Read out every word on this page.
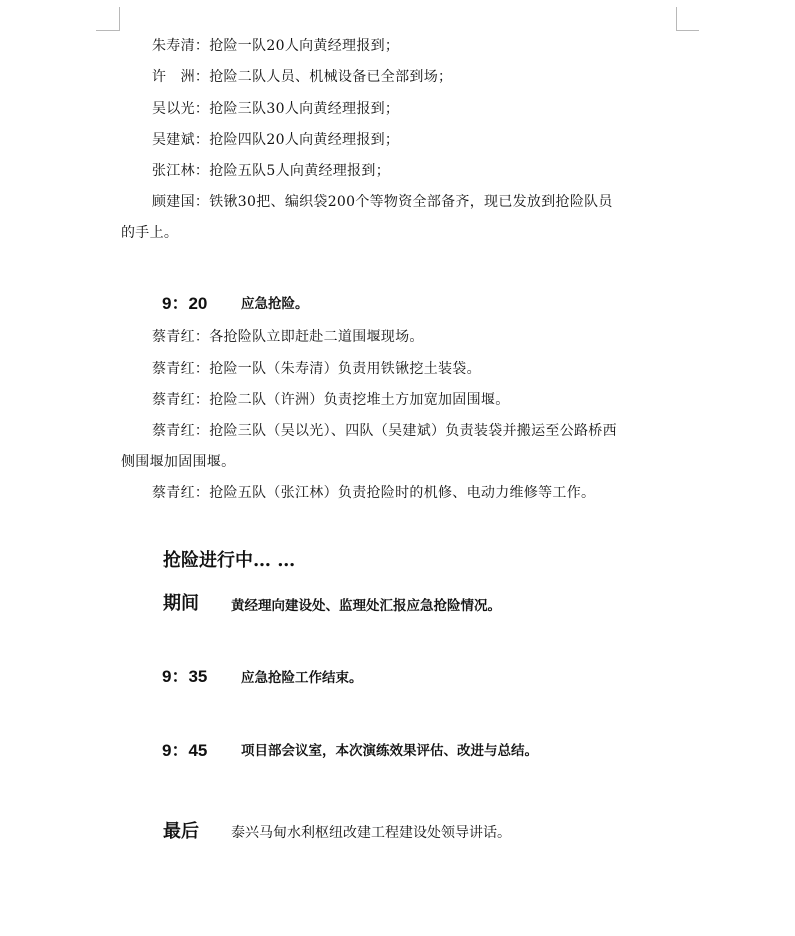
朱寿清：抢险一队20人向黄经理报到；
许　洲：抢险二队人员、机械设备已全部到场；
吴以光：抢险三队30人向黄经理报到；
吴建斌：抢险四队20人向黄经理报到；
张江林：抢险五队5人向黄经理报到；
顾建国：铁锹30把、编织袋200个等物资全部备齐，现已发放到抢险队员
的手上。
9：20 应急抢险。
蔡青红：各抢险队立即赶赴二道围堰现场。
蔡青红：抢险一队（朱寿清）负责用铁锹挖土装袋。
蔡青红：抢险二队（许洲）负责挖堆土方加宽加固围堰。
蔡青红：抢险三队（吴以光）、四队（吴建斌）负责装袋并搬运至公路桥西
侧围堰加固围堰。
蔡青红：抢险五队（张江林）负责抢险时的机修、电动力维修等工作。
抢险进行中… …
期间 黄经理向建设处、监理处汇报应急抢险情况。
9：35 应急抢险工作结束。
9：45 项目部会议室，本次演练效果评估、改进与总结。
最后 泰兴马甸水利枢纽改建工程建设处领导讲话。
